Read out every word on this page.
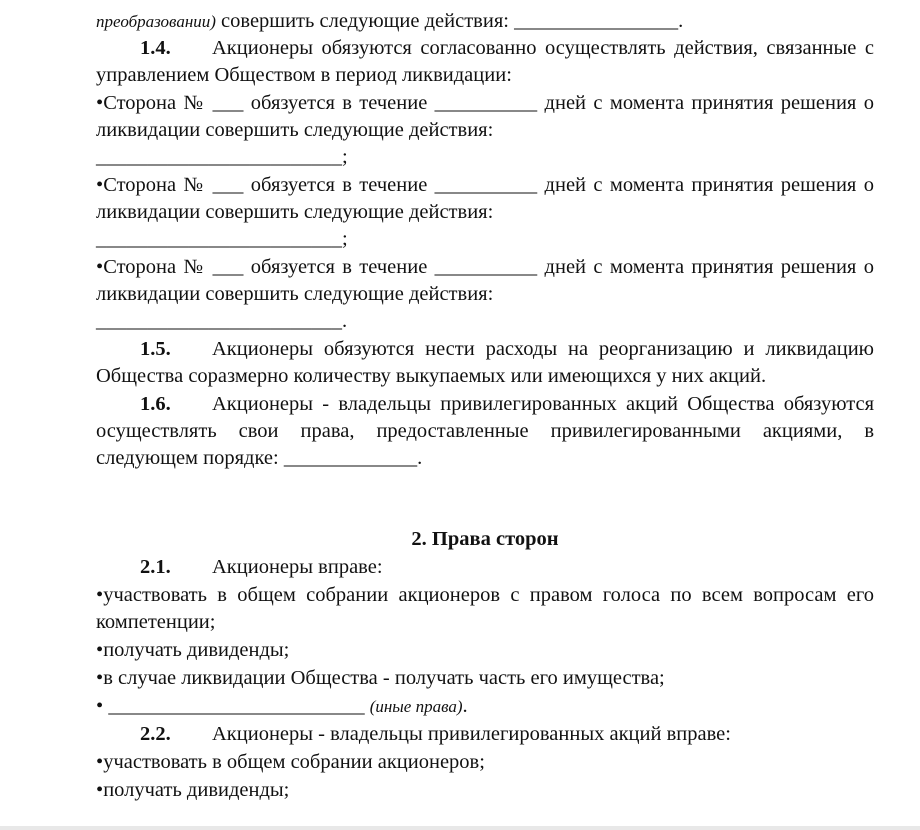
преобразовании) совершить следующие действия: ________________.

1.4. Акционеры обязуются согласованно осуществлять действия, связанные с управлением Обществом в период ликвидации:

•Сторона № ___ обязуется в течение __________ дней с момента принятия решения о ликвидации совершить следующие действия:
________________________;

•Сторона № ___ обязуется в течение __________ дней с момента принятия решения о ликвидации совершить следующие действия:
________________________;

•Сторона № ___ обязуется в течение __________ дней с момента принятия решения о ликвидации совершить следующие действия:
________________________.

1.5. Акционеры обязуются нести расходы на реорганизацию и ликвидацию Общества соразмерно количеству выкупаемых или имеющихся у них акций.

1.6. Акционеры - владельцы привилегированных акций Общества обязуются осуществлять свои права, предоставленные привилегированными акциями, в следующем порядке: _____________.

2. Права сторон

2.1. Акционеры вправе:

•участвовать в общем собрании акционеров с правом голоса по всем вопросам его компетенции;

•получать дивиденды;

•в случае ликвидации Общества - получать часть его имущества;

• _________________________ (иные права).

2.2. Акционеры - владельцы привилегированных акций вправе:

•участвовать в общем собрании акционеров;

•получать дивиденды;
